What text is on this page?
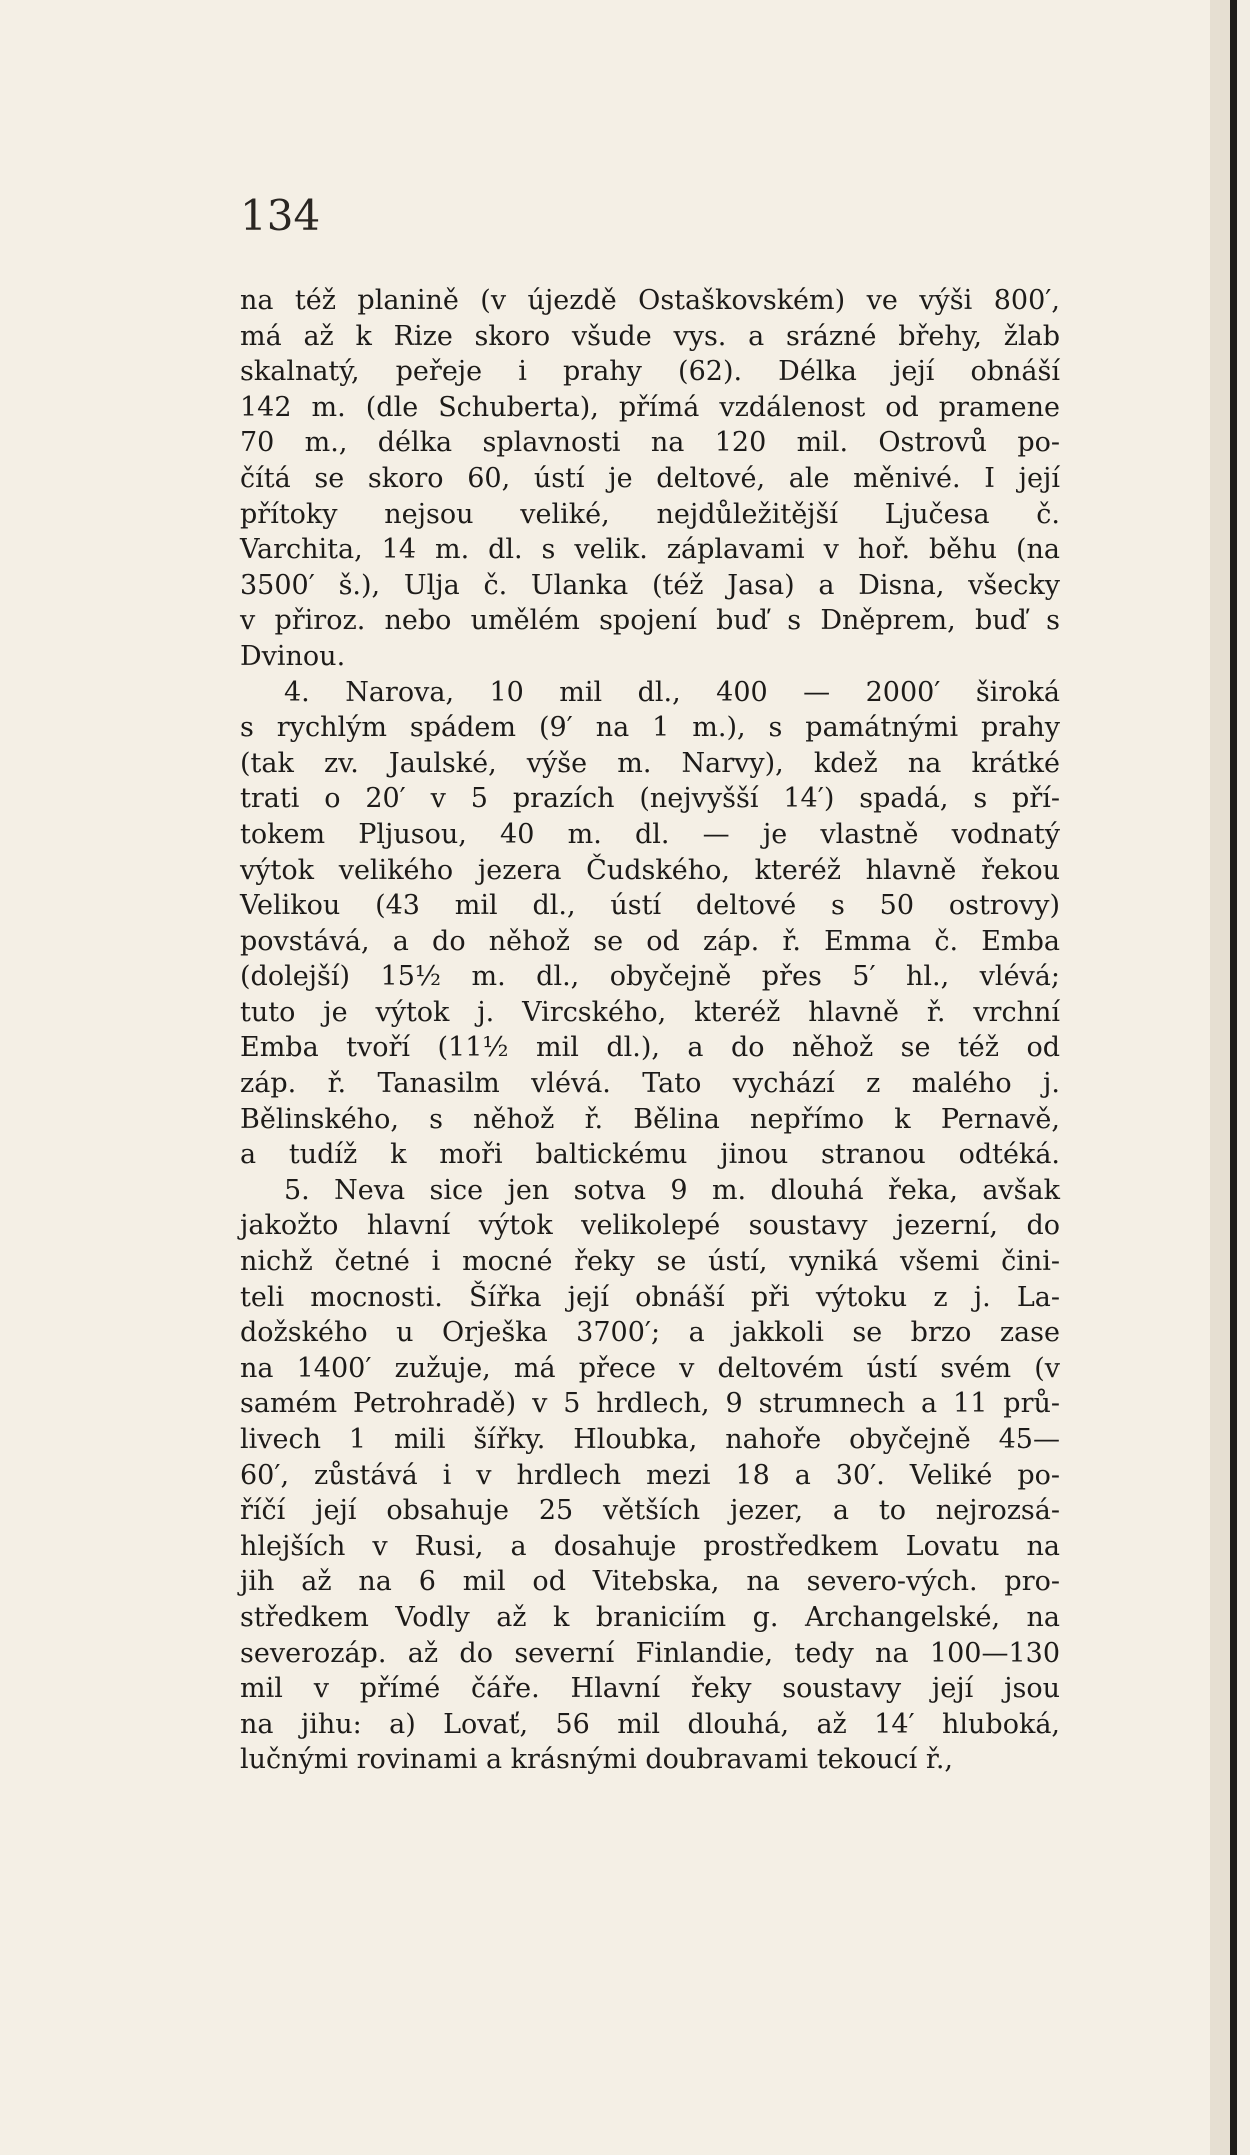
134
na též planině (v újezdě Ostaškovském) ve výši 800′,
má až k Rize skoro všude vys. a srázné břehy, žlab
skalnatý, peřeje i prahy (62). Délka její obnáší
142 m. (dle Schuberta), přímá vzdálenost od pramene
70 m., délka splavnosti na 120 mil. Ostrovů po-
čítá se skoro 60, ústí je deltové, ale měnivé. I její
přítoky nejsou veliké, nejdůležitější Ljučesa č.
Varchita, 14 m. dl. s velik. záplavami v hoř. běhu (na
3500′ š.), Ulja č. Ulanka (též Jasa) a Disna, všecky
v přiroz. nebo umělém spojení buď s Dněprem, buď s
Dvinou.
4. Narova, 10 mil dl., 400 — 2000′ široká
s rychlým spádem (9′ na 1 m.), s památnými prahy
(tak zv. Jaulské, výše m. Narvy), kdež na krátké
trati o 20′ v 5 prazích (nejvyšší 14′) spadá, s pří-
tokem Pljusou, 40 m. dl. — je vlastně vodnatý
výtok velikého jezera Čudského, kteréž hlavně řekou
Velikou (43 mil dl., ústí deltové s 50 ostrovy)
povstává, a do něhož se od záp. ř. Emma č. Emba
(dolejší) 15½ m. dl., obyčejně přes 5′ hl., vlévá;
tuto je výtok j. Vircského, kteréž hlavně ř. vrchní
Emba tvoří (11½ mil dl.), a do něhož se též od
záp. ř. Tanasilm vlévá. Tato vychází z malého j.
Bělinského, s něhož ř. Bělina nepřímo k Pernavě,
a tudíž k moři baltickému jinou stranou odtéká.
5. Neva sice jen sotva 9 m. dlouhá řeka, avšak
jakožto hlavní výtok velikolepé soustavy jezerní, do
nichž četné i mocné řeky se ústí, vyniká všemi čini-
teli mocnosti. Šířka její obnáší při výtoku z j. La-
dožského u Orješka 3700′; a jakkoli se brzo zase
na 1400′ zužuje, má přece v deltovém ústí svém (v
samém Petrohradě) v 5 hrdlech, 9 strumnech a 11 prů-
livech 1 mili šířky. Hloubka, nahoře obyčejně 45—
60′, zůstává i v hrdlech mezi 18 a 30′. Veliké po-
říčí její obsahuje 25 větších jezer, a to nejrozsá-
hlejších v Rusi, a dosahuje prostředkem Lovatu na
jih až na 6 mil od Vitebska, na severo-vých. pro-
středkem Vodly až k braniciím g. Archangelské, na
severozáp. až do severní Finlandie, tedy na 100—130
mil v přímé čáře. Hlavní řeky soustavy její jsou
na jihu: a) Lovať, 56 mil dlouhá, až 14′ hluboká,
lučnými rovinami a krásnými doubravami tekoucí ř.,
